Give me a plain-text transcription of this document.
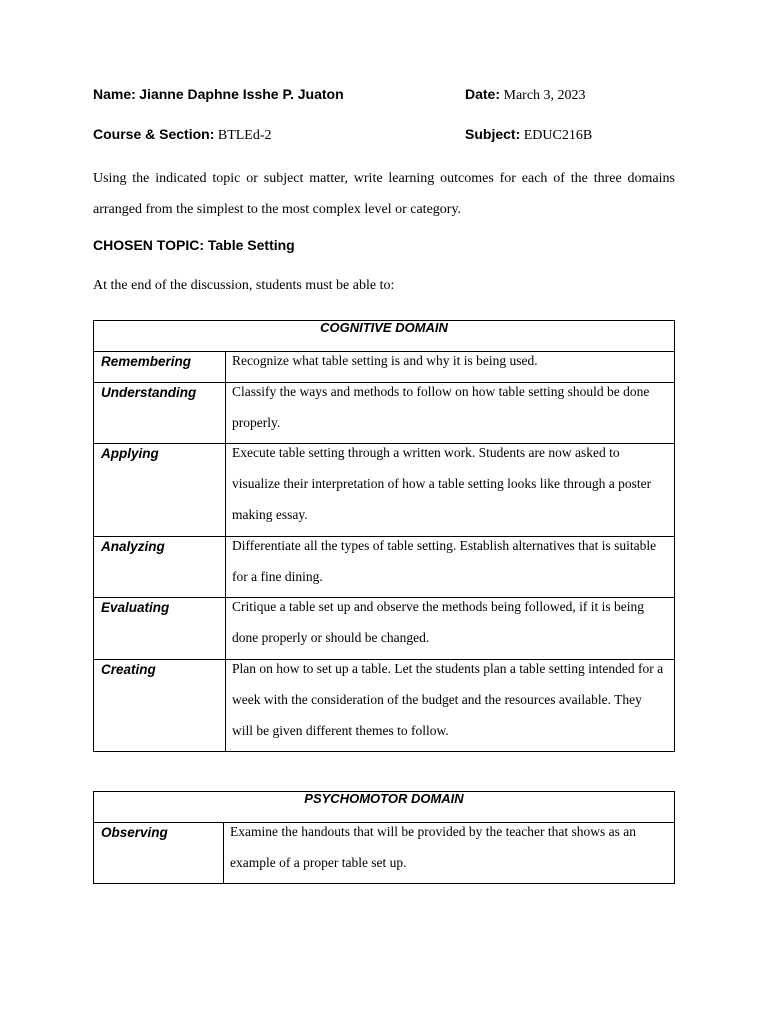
Name: Jianne Daphne Isshe P. Juaton	Date: March 3, 2023
Course & Section: BTLEd-2	Subject: EDUC216B
Using the indicated topic or subject matter, write learning outcomes for each of the three domains arranged from the simplest to the most complex level or category.
CHOSEN TOPIC: Table Setting
At the end of the discussion, students must be able to:
COGNITIVE DOMAIN	

Remembering	Recognize what table setting is and why it is being used.

Understanding	Classify the ways and methods to follow on how table setting should be done properly.

Applying	Execute table setting through a written work. Students are now asked to visualize their interpretation of how a table setting looks like through a poster making essay.

Analyzing	Differentiate all the types of table setting. Establish alternatives that is suitable for a fine dining.

Evaluating	Critique a table set up and observe the methods being followed, if it is being done properly or should be changed.

Creating	Plan on how to set up a table. Let the students plan a table setting intended for a week with the consideration of the budget and the resources available. They will be given different themes to follow.
PSYCHOMOTOR DOMAIN

Observing	Examine the handouts that will be provided by the teacher that shows as an example of a proper table set up.
